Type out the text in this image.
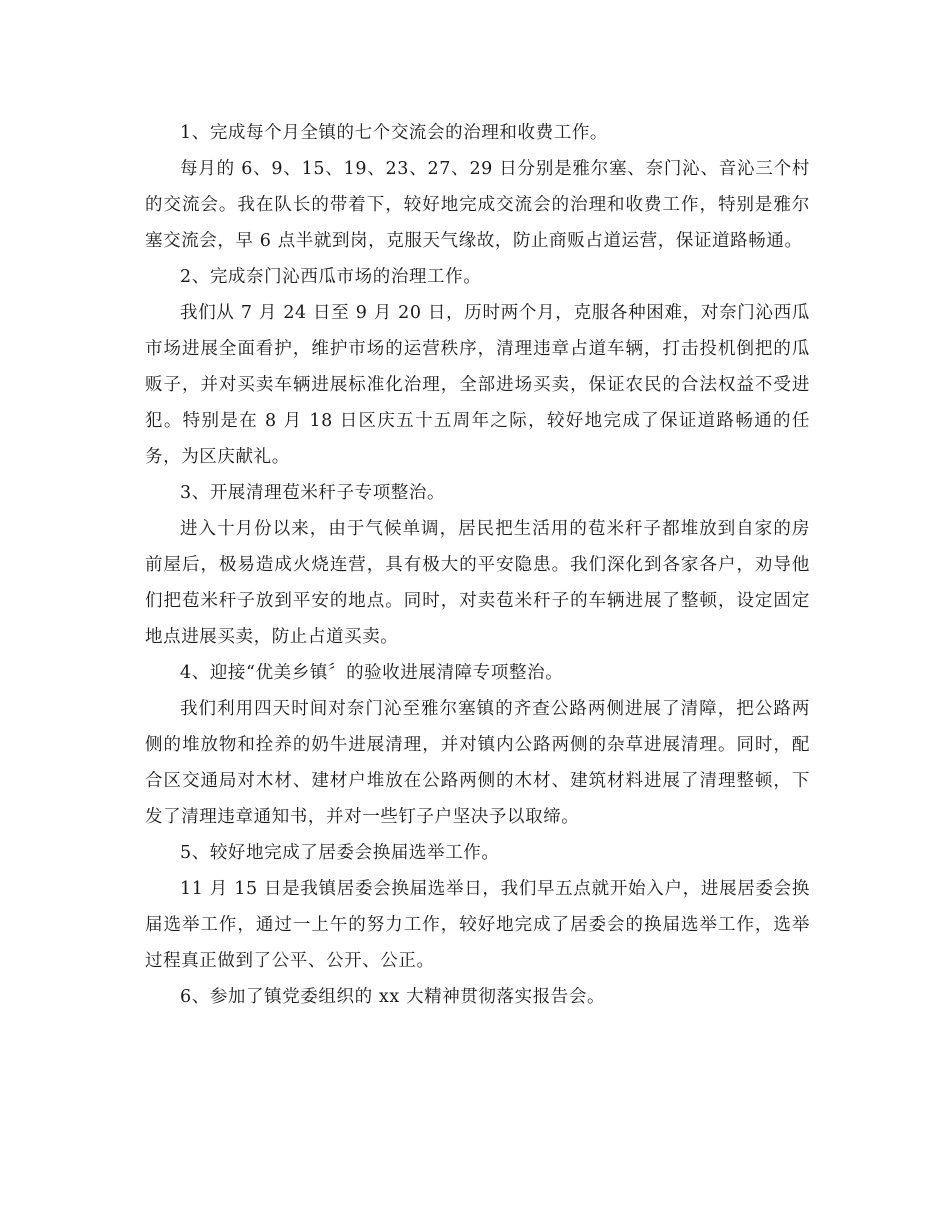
1、完成每个月全镇的七个交流会的治理和收费工作。

每月的 6、9、15、19、23、27、29 日分别是雅尔塞、奈门沁、音沁三个村的交流会。我在队长的带着下，较好地完成交流会的治理和收费工作，特别是雅尔塞交流会，早 6 点半就到岗，克服天气缘故，防止商贩占道运营，保证道路畅通。

2、完成奈门沁西瓜市场的治理工作。

我们从 7 月 24 日至 9 月 20 日，历时两个月，克服各种困难，对奈门沁西瓜市场进展全面看护，维护市场的运营秩序，清理违章占道车辆，打击投机倒把的瓜贩子，并对买卖车辆进展标准化治理，全部进场买卖，保证农民的合法权益不受进犯。特别是在 8 月 18 日区庆五十五周年之际，较好地完成了保证道路畅通的任务，为区庆献礼。

3、开展清理苞米秆子专项整治。

进入十月份以来，由于气候单调，居民把生活用的苞米秆子都堆放到自家的房前屋后，极易造成火烧连营，具有极大的平安隐患。我们深化到各家各户，劝导他们把苞米秆子放到平安的地点。同时，对卖苞米秆子的车辆进展了整顿，设定固定地点进展买卖，防止占道买卖。

4、迎接“优美乡镇〞的验收进展清障专项整治。

我们利用四天时间对奈门沁至雅尔塞镇的齐查公路两侧进展了清障，把公路两侧的堆放物和拴养的奶牛进展清理，并对镇内公路两侧的杂草进展清理。同时，配合区交通局对木材、建材户堆放在公路两侧的木材、建筑材料进展了清理整顿，下发了清理违章通知书，并对一些钉子户坚决予以取缔。

5、较好地完成了居委会换届选举工作。

11 月 15 日是我镇居委会换届选举日，我们早五点就开始入户，进展居委会换届选举工作，通过一上午的努力工作，较好地完成了居委会的换届选举工作，选举过程真正做到了公平、公开、公正。

6、参加了镇党委组织的 xx 大精神贯彻落实报告会。
